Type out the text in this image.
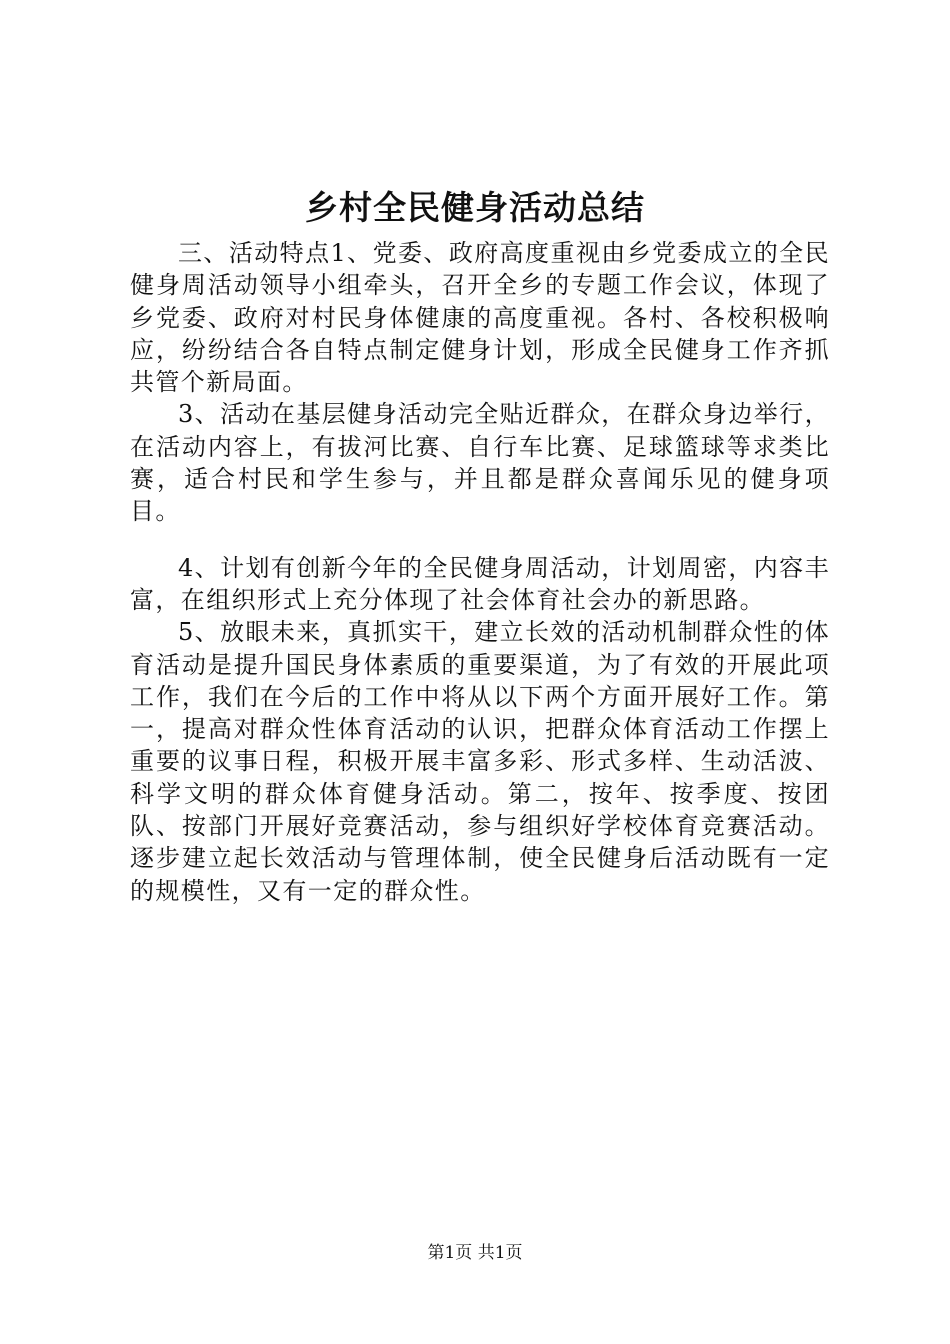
乡村全民健身活动总结

三、活动特点1、党委、政府高度重视由乡党委成立的全民健身周活动领导小组牵头，召开全乡的专题工作会议，体现了乡党委、政府对村民身体健康的高度重视。各村、各校积极响应，纷纷结合各自特点制定健身计划，形成全民健身工作齐抓共管个新局面。

3、活动在基层健身活动完全贴近群众，在群众身边举行，在活动内容上，有拔河比赛、自行车比赛、足球篮球等求类比赛，适合村民和学生参与，并且都是群众喜闻乐见的健身项目。

4、计划有创新今年的全民健身周活动，计划周密，内容丰富，在组织形式上充分体现了社会体育社会办的新思路。

5、放眼未来，真抓实干，建立长效的活动机制群众性的体育活动是提升国民身体素质的重要渠道，为了有效的开展此项工作，我们在今后的工作中将从以下两个方面开展好工作。第一，提高对群众性体育活动的认识，把群众体育活动工作摆上重要的议事日程，积极开展丰富多彩、形式多样、生动活波、科学文明的群众体育健身活动。第二，按年、按季度、按团队、按部门开展好竞赛活动，参与组织好学校体育竞赛活动。逐步建立起长效活动与管理体制，使全民健身后活动既有一定的规模性，又有一定的群众性。

第1页 共1页
